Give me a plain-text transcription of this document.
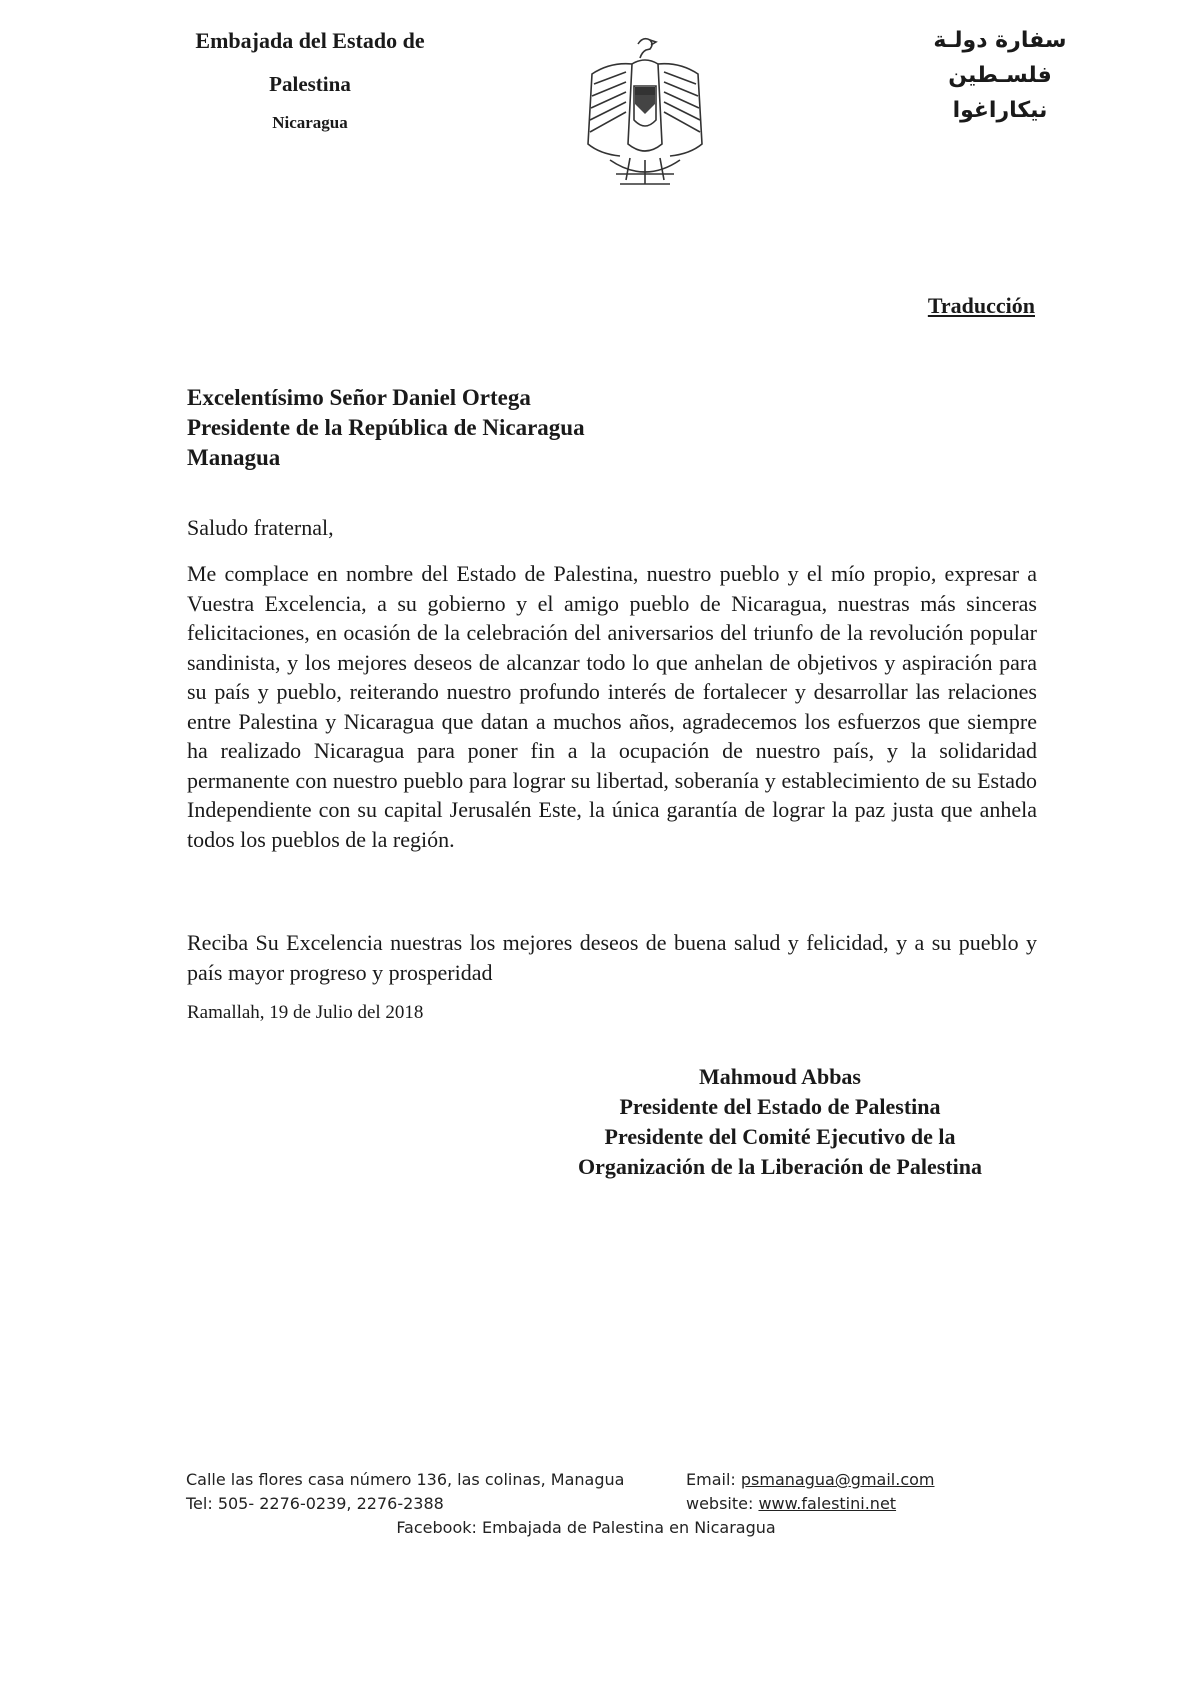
Embajada del Estado de
Palestina
Nicaragua
سفارة دولـة
فلسـطين
نيكاراغوا
Traducción
Excelentísimo Señor Daniel Ortega
Presidente de la República de Nicaragua
Managua
Saludo fraternal,
Me complace en nombre del Estado de Palestina, nuestro pueblo y el mío propio, expresar a Vuestra Excelencia, a su gobierno y el amigo pueblo de Nicaragua, nuestras más sinceras felicitaciones, en ocasión de la celebración del aniversarios del triunfo de la revolución popular sandinista, y los mejores deseos de alcanzar todo lo que anhelan de objetivos y aspiración para su país y pueblo, reiterando nuestro profundo interés de fortalecer y desarrollar las relaciones entre Palestina y Nicaragua que datan a muchos años, agradecemos los esfuerzos que siempre ha realizado Nicaragua para poner fin a la ocupación de nuestro país, y la solidaridad permanente con nuestro pueblo para lograr su libertad, soberanía y establecimiento de su Estado Independiente con su capital Jerusalén Este, la única garantía de lograr la paz justa que anhela todos los pueblos de la región.
Reciba Su Excelencia nuestras los mejores deseos de buena salud y felicidad, y a su pueblo y país mayor progreso y prosperidad
Ramallah, 19 de Julio del 2018
Mahmoud Abbas
Presidente del Estado de Palestina
Presidente del Comité Ejecutivo de la
Organización de la Liberación de Palestina
Calle las flores casa número 136, las colinas, Managua	Email: psmanagua@gmail.com
Tel: 505- 2276-0239, 2276-2388	website: www.falestini.net
Facebook: Embajada de Palestina en Nicaragua
